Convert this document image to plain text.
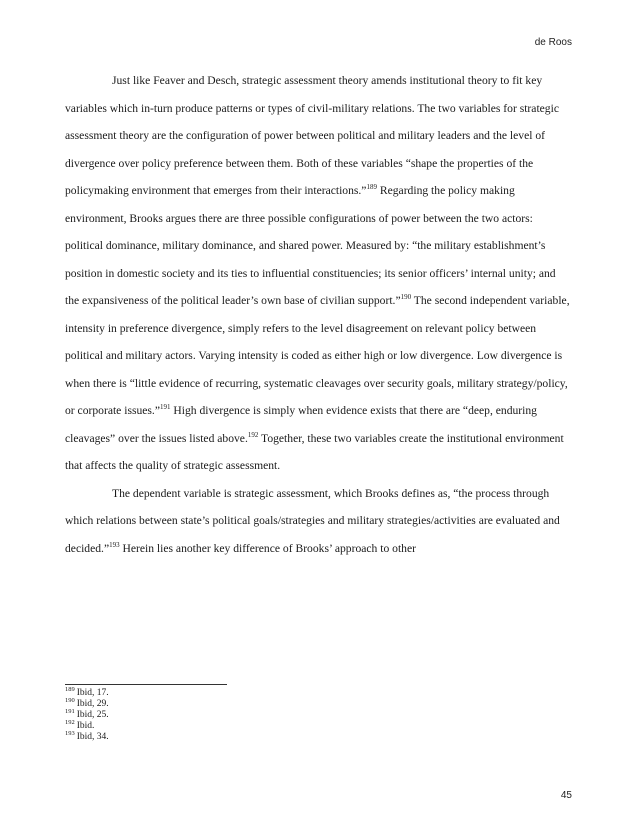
de Roos

Just like Feaver and Desch, strategic assessment theory amends institutional theory to fit key variables which in-turn produce patterns or types of civil-military relations. The two variables for strategic assessment theory are the configuration of power between political and military leaders and the level of divergence over policy preference between them. Both of these variables “shape the properties of the policymaking environment that emerges from their interactions.”$^{189}$ Regarding the policy making environment, Brooks argues there are three possible configurations of power between the two actors: political dominance, military dominance, and shared power. Measured by: “the military establishment’s position in domestic society and its ties to influential constituencies; its senior officers’ internal unity; and the expansiveness of the political leader’s own base of civilian support.”$^{190}$ The second independent variable, intensity in preference divergence, simply refers to the level disagreement on relevant policy between political and military actors. Varying intensity is coded as either high or low divergence. Low divergence is when there is “little evidence of recurring, systematic cleavages over security goals, military strategy/policy, or corporate issues.”$^{191}$ High divergence is simply when evidence exists that there are “deep, enduring cleavages” over the issues listed above.$^{192}$ Together, these two variables create the institutional environment that affects the quality of strategic assessment.

The dependent variable is strategic assessment, which Brooks defines as, “the process through which relations between state’s political goals/strategies and military strategies/activities are evaluated and decided.”$^{193}$ Herein lies another key difference of Brooks’ approach to other

$^{189}$ Ibid, 17.
$^{190}$ Ibid, 29.
$^{191}$ Ibid, 25.
$^{192}$ Ibid.
$^{193}$ Ibid, 34.
45
